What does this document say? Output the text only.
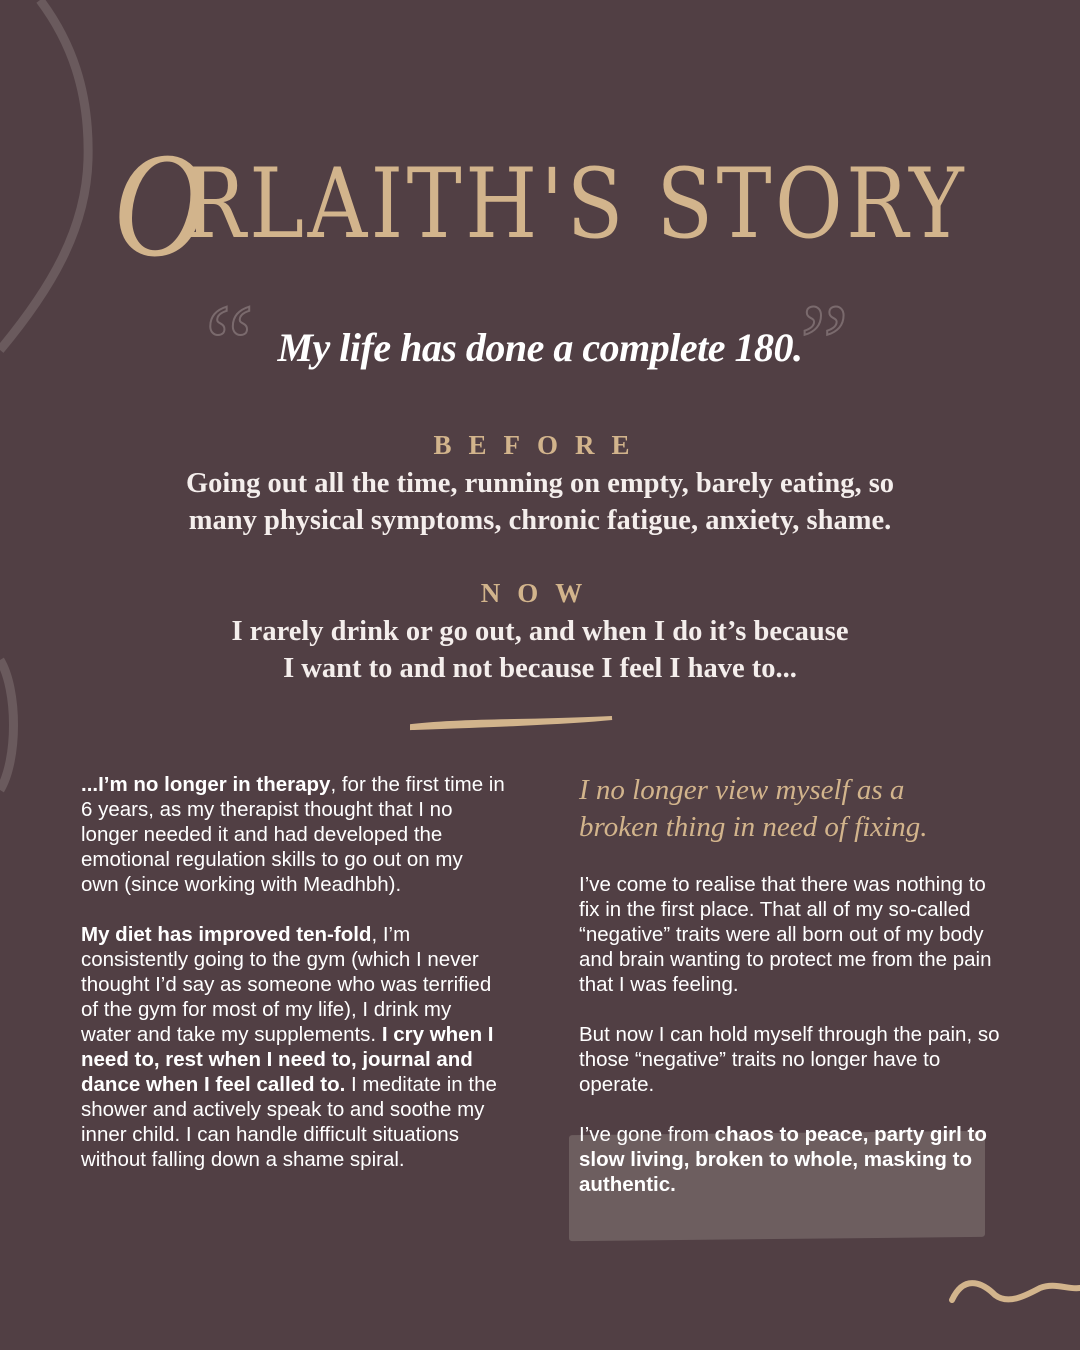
ORLAITH'S STORY
“ My life has done a complete 180.
”
BEFORE
Going out all the time, running on empty, barely eating, so
many physical symptoms, chronic fatigue, anxiety, shame.
NOW
I rarely drink or go out, and when I do it’s because
I want to and not because I feel I have to...

...I’m no longer in therapy, for the first time in 6 years, as my therapist thought that I no longer needed it and had developed the emotional regulation skills to go out on my own (since working with Meadhbh).

My diet has improved ten-fold, I’m consistently going to the gym (which I never thought I’d say as someone who was terrified of the gym for most of my life), I drink my water and take my supplements. I cry when I need to, rest when I need to, journal and dance when I feel called to. I meditate in the shower and actively speak to and soothe my inner child. I can handle difficult situations without falling down a shame spiral.

I no longer view myself as a
broken thing in need of fixing.

I’ve come to realise that there was nothing to fix in the first place. That all of my so-called “negative” traits were all born out of my body and brain wanting to protect me from the pain that I was feeling.

But now I can hold myself through the pain, so those “negative” traits no longer have to operate.

I’ve gone from chaos to peace, party girl to slow living, broken to whole, masking to authentic.
